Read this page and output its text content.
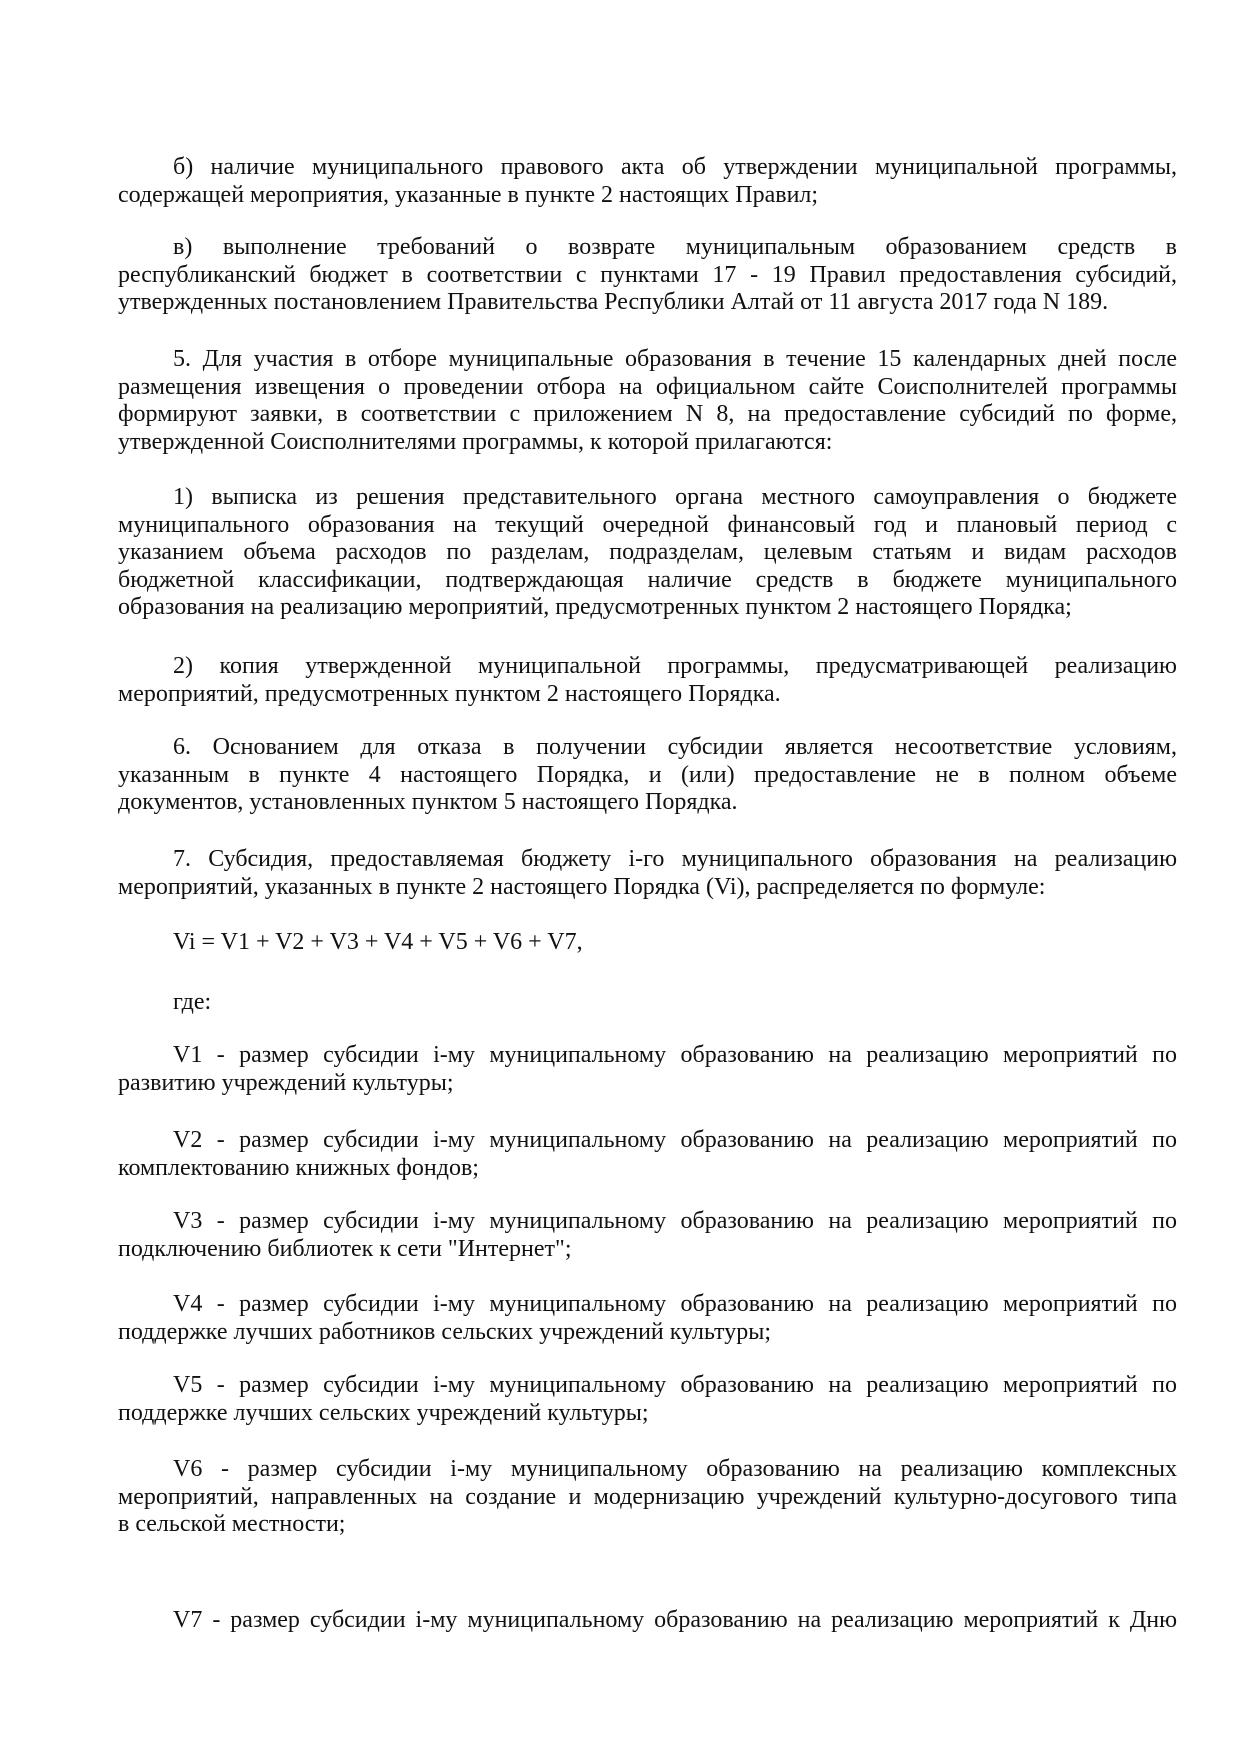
б) наличие муниципального правового акта об утверждении муниципальной программы,
содержащей мероприятия, указанные в пункте 2 настоящих Правил;
в) выполнение требований о возврате муниципальным образованием средств в
республиканский бюджет в соответствии с пунктами 17 - 19 Правил предоставления субсидий,
утвержденных постановлением Правительства Республики Алтай от 11 августа 2017 года N 189.
5. Для участия в отборе муниципальные образования в течение 15 календарных дней после
размещения извещения о проведении отбора на официальном сайте Соисполнителей программы
формируют заявки, в соответствии с приложением N 8, на предоставление субсидий по форме,
утвержденной Соисполнителями программы, к которой прилагаются:
1) выписка из решения представительного органа местного самоуправления о бюджете
муниципального образования на текущий очередной финансовый год и плановый период с
указанием объема расходов по разделам, подразделам, целевым статьям и видам расходов
бюджетной классификации, подтверждающая наличие средств в бюджете муниципального
образования на реализацию мероприятий, предусмотренных пунктом 2 настоящего Порядка;
2) копия утвержденной муниципальной программы, предусматривающей реализацию
мероприятий, предусмотренных пунктом 2 настоящего Порядка.
6. Основанием для отказа в получении субсидии является несоответствие условиям,
указанным в пункте 4 настоящего Порядка, и (или) предоставление не в полном объеме
документов, установленных пунктом 5 настоящего Порядка.
7. Субсидия, предоставляемая бюджету i-го муниципального образования на реализацию
мероприятий, указанных в пункте 2 настоящего Порядка (Vi), распределяется по формуле:
Vi = V1 + V2 + V3 + V4 + V5 + V6 + V7,
где:
V1 - размер субсидии i-му муниципальному образованию на реализацию мероприятий по
развитию учреждений культуры;
V2 - размер субсидии i-му муниципальному образованию на реализацию мероприятий по
комплектованию книжных фондов;
V3 - размер субсидии i-му муниципальному образованию на реализацию мероприятий по
подключению библиотек к сети "Интернет";
V4 - размер субсидии i-му муниципальному образованию на реализацию мероприятий по
поддержке лучших работников сельских учреждений культуры;
V5 - размер субсидии i-му муниципальному образованию на реализацию мероприятий по
поддержке лучших сельских учреждений культуры;
V6 - размер субсидии i-му муниципальному образованию на реализацию комплексных
мероприятий, направленных на создание и модернизацию учреждений культурно-досугового типа
в сельской местности;
V7 - размер субсидии i-му муниципальному образованию на реализацию мероприятий к Дню
